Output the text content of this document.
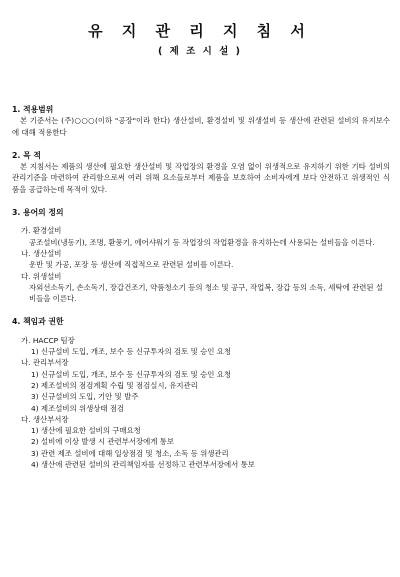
유 지 관 리 지 침 서
( 제 조 시 설 )
1. 적용범위
본 기준서는 (주)○○○(이하 "공장"이라 한다) 생산설비, 환경설비 및 위생설비 등 생산에 관련된 설비의 유지보수에 대해 적용한다
2. 목 적
본 지침서는 제품의 생산에 필요한 생산설비 및 작업장의 환경을 오염 없이 위생적으로 유지하기 위한 기타 설비의 관리기준을 마련하여 관리함으로써 여러 위해 요소들로부터 제품을 보호하여 소비자에게 보다 안전하고 위생적인 식품을 공급하는데 목적이 있다.
3. 용어의 정의
가. 환경설비
공조설비(냉동기), 조명, 환풍기, 에어샤워기 등 작업장의 작업환경을 유지하는데 사용되는 설비들을 이른다.
나. 생산설비
운반 및 가공, 포장 등 생산에 직접적으로 관련된 설비를 이른다.
다. 위생설비
자외선소독기, 손소독기, 장갑건조기, 약품청소기 등의 청소 및 공구, 작업복, 장갑 등의 소독, 세탁에 관련된 설비들을 이른다.
4. 책임과 권한
가. HACCP 팀장
1) 신규설비 도입, 개조, 보수 등 신규투자의 검토 및 승인 요청
나. 관리부서장
1) 신규설비 도입, 개조, 보수 등 신규투자의 검토 및 승인 요청
2) 제조설비의 점검계획 수립 및 점검실시, 유지관리
3) 신규설비의 도입, 기안 및 발주
4) 제조설비의 위생상태 점검
다. 생산부서장
1) 생산에 필요한 설비의 구매요청
2) 설비에 이상 발생 시 관련부서장에게 통보
3) 관련 제조 설비에 대해 일상점검 및 청소, 소독 등 위생관리
4) 생산에 관련된 설비의 관리책임자를 선정하고 관련부서장에서 통보
